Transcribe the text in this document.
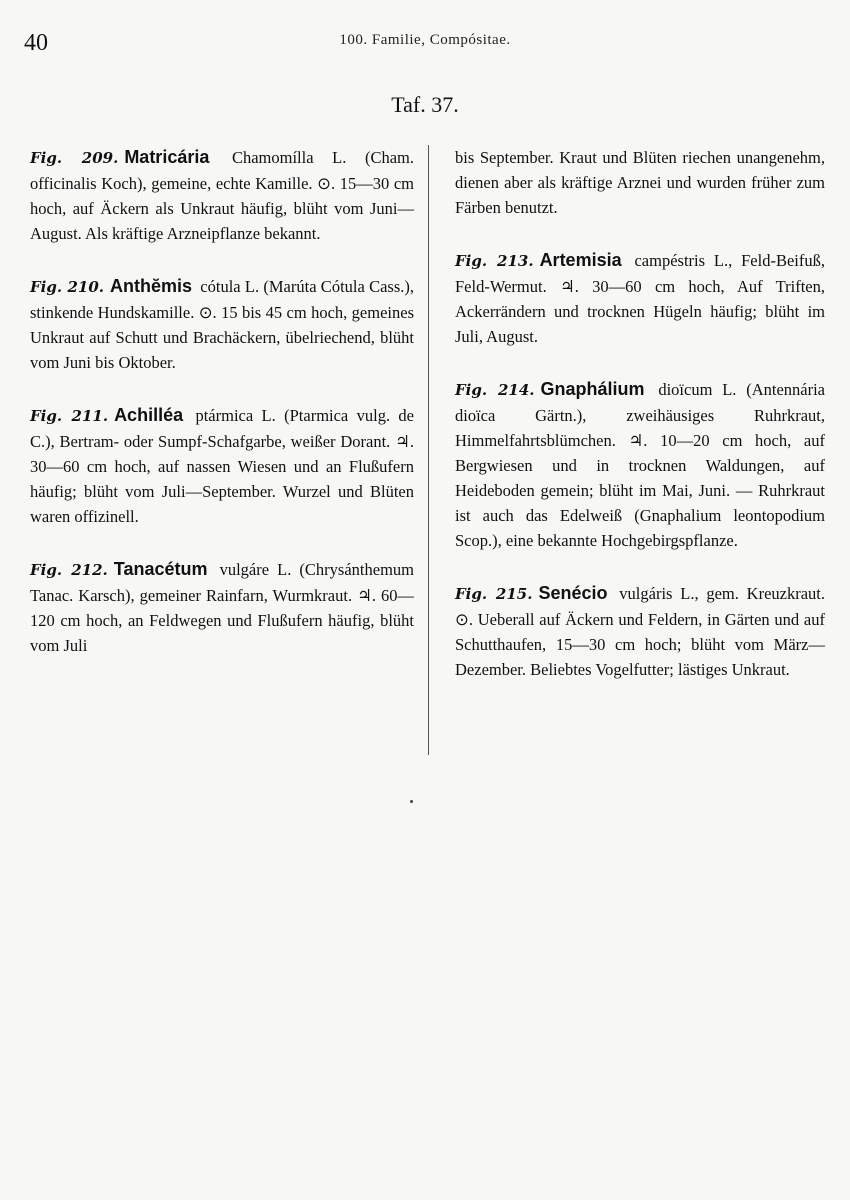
40	100. Familie, Compósitae.
Taf. 37.

Fig. 209. Matricária Chamomílla L. (Cham. officinalis Koch), gemeine, echte Kamille. ⊙. 15—30 cm hoch, auf Äckern als Unkraut häufig, blüht vom Juni—August. Als kräftige Arzneipflanze bekannt.

Fig. 210. Anthĕmis cótula L. (Marúta Cótula Cass.), stinkende Hundskamille. ⊙. 15 bis 45 cm hoch, gemeines Unkraut auf Schutt und Brachäckern, übelriechend, blüht vom Juni bis Oktober.

Fig. 211. Achilléa ptármica L. (Ptarmica vulg. de C.), Bertram- oder Sumpf-Schafgarbe, weißer Dorant. ♃. 30—60 cm hoch, auf nassen Wiesen und an Flußufern häufig; blüht vom Juli—September. Wurzel und Blüten waren offizinell.

Fig. 212. Tanacétum vulgáre L. (Chrysánthemum Tanac. Karsch), gemeiner Rainfarn, Wurmkraut. ♃. 60—120 cm hoch, an Feldwegen und Flußufern häufig, blüht vom Juli

bis September. Kraut und Blüten riechen unangenehm, dienen aber als kräftige Arznei und wurden früher zum Färben benutzt.

Fig. 213. Artemisia campéstris L., Feld-Beifuß, Feld-Wermut. ♃. 30—60 cm hoch, Auf Triften, Ackerrändern und trocknen Hügeln häufig; blüht im Juli, August.

Fig. 214. Gnaphálium dioïcum L. (Antennária dioïca Gärtn.), zweihäusiges Ruhrkraut, Himmelfahrtsblümchen. ♃. 10—20 cm hoch, auf Bergwiesen und in trocknen Waldungen, auf Heideboden gemein; blüht im Mai, Juni. — Ruhrkraut ist auch das Edelweiß (Gnaphalium leontopodium Scop.), eine bekannte Hochgebirgspflanze.

Fig. 215. Senécio vulgáris L., gem. Kreuzkraut. ⊙. Ueberall auf Äckern und Feldern, in Gärten und auf Schutthaufen, 15—30 cm hoch; blüht vom März—Dezember. Beliebtes Vogelfutter; lästiges Unkraut.
